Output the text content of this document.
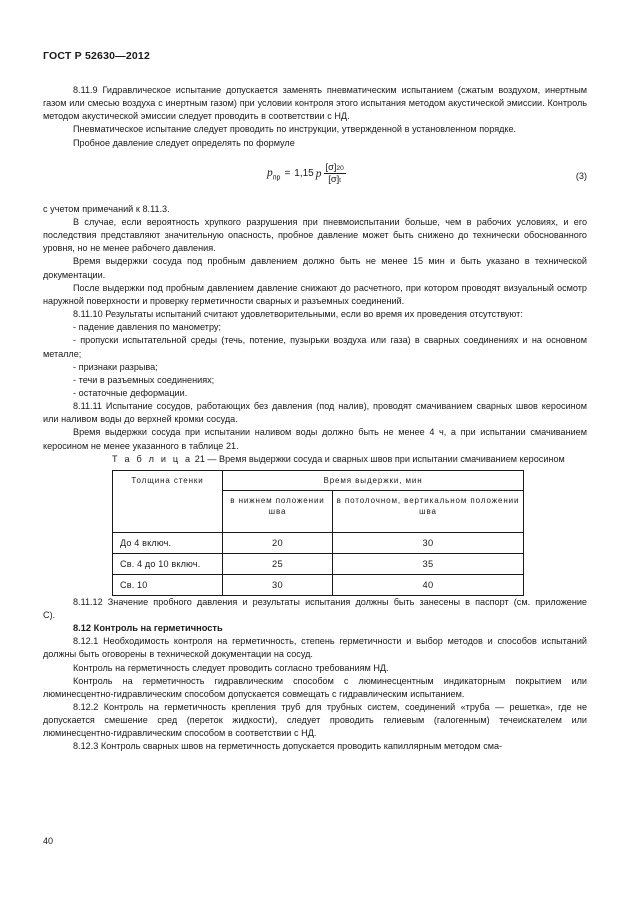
ГОСТ Р 52630—2012

8.11.9 Гидравлическое испытание допускается заменять пневматическим испытанием (сжатым воздухом, инертным газом или смесью воздуха с инертным газом) при условии контроля этого испытания методом акустической эмиссии. Контроль методом акустической эмиссии следует проводить в соответствии с НД.

Пневматическое испытание следует проводить по инструкции, утвержденной в установленном порядке.

Пробное давление следует определять по формуле

$p_{пр} = 1,15$ p $\frac{[\sigma]20}{[\sigma]t}$	(3)

с учетом примечаний к 8.11.3.

В случае, если вероятность хрупкого разрушения при пневмоиспытании больше, чем в рабочих условиях, и его последствия представляют значительную опасность, пробное давление может быть снижено до технически обоснованного уровня, но не менее рабочего давления.

Время выдержки сосуда под пробным давлением должно быть не менее 15 мин и быть указано в технической документации.

После выдержки под пробным давлением давление снижают до расчетного, при котором проводят визуальный осмотр наружной поверхности и проверку герметичности сварных и разъемных соединений.

8.11.10 Результаты испытаний считают удовлетворительными, если во время их проведения отсутствуют:

- падение давления по манометру;

- пропуски испытательной среды (течь, потение, пузырьки воздуха или газа) в сварных соединениях и на основном металле;

- признаки разрыва;

- течи в разъемных соединениях;

- остаточные деформации.

8.11.11 Испытание сосудов, работающих без давления (под налив), проводят смачиванием сварных швов керосином или наливом воды до верхней кромки сосуда.

Время выдержки сосуда при испытании наливом воды должно быть не менее 4 ч, а при испытании смачиванием керосином не менее указанного в таблице 21.

Т а б л и ц а 21 — Время выдержки сосуда и сварных швов при испытании смачиванием керосином

Толщина стенки	Время выдержки, мин	
	в нижнем положении шва	в потолочном, вертикальном положении шва
До 4 включ.	20	30
Св. 4 до 10 включ.	25	35
Св. 10	30	40

8.11.12 Значение пробного давления и результаты испытания должны быть занесены в паспорт (см. приложение С).

8.12 Контроль на герметичность

8.12.1 Необходимость контроля на герметичность, степень герметичности и выбор методов и способов испытаний должны быть оговорены в технической документации на сосуд.

Контроль на герметичность следует проводить согласно требованиям НД.

Контроль на герметичность гидравлическим способом с люминесцентным индикаторным покрытием или люминесцентно-гидравлическим способом допускается совмещать с гидравлическим испытанием.

8.12.2 Контроль на герметичность крепления труб для трубных систем, соединений «труба — решетка», где не допускается смешение сред (переток жидкости), следует проводить гелиевым (галогенным) течеискателем или люминесцентно-гидравлическим способом в соответствии с НД.

8.12.3 Контроль сварных швов на герметичность допускается проводить капиллярным методом сма-

40
